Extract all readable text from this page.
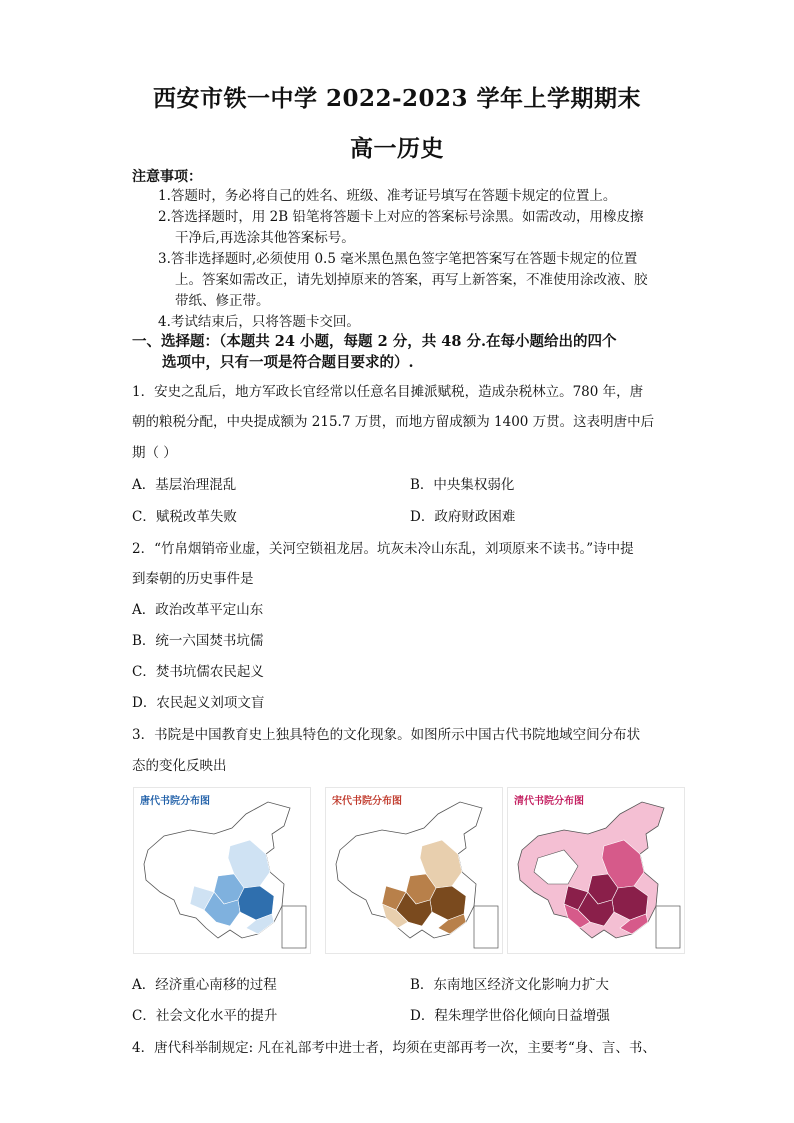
西安市铁一中学 2022-2023 学年上学期期末
高一历史
注意事项：
1.答题时，务必将自己的姓名、班级、准考证号填写在答题卡规定的位置上。
2.答选择题时，用 2B 铅笔将答题卡上对应的答案标号涂黑。如需改动，用橡皮擦
干净后,再选涂其他答案标号。
3.答非选择题时,必须使用 0.5 毫米黑色黑色签字笔把答案写在答题卡规定的位置
上。答案如需改正，请先划掉原来的答案，再写上新答案，不准使用涂改液、胶
带纸、修正带。
4.考试结束后，只将答题卡交回。
一、选择题：（本题共 24 小题，每题 2 分，共 48 分.在每小题给出的四个
选项中，只有一项是符合题目要求的）.
1．安史之乱后，地方军政长官经常以任意名目摊派赋税，造成杂税林立。780 年，唐
朝的粮税分配，中央提成额为 215.7 万贯，而地方留成额为 1400 万贯。这表明唐中后
期（ ）
A．基层治理混乱	B．中央集权弱化
C．赋税改革失败	D．政府财政困难
2．“竹帛烟销帝业虚，关河空锁祖龙居。坑灰未冷山东乱，刘项原来不读书。”诗中提
到秦朝的历史事件是
A．政治改革平定山东
B．统一六国焚书坑儒
C．焚书坑儒农民起义
D．农民起义刘项文盲
3．书院是中国教育史上独具特色的文化现象。如图所示中国古代书院地域空间分布状
态的变化反映出
唐代书院分布图	宋代书院分布图	清代书院分布图
A．经济重心南移的过程	B．东南地区经济文化影响力扩大
C．社会文化水平的提升	D．程朱理学世俗化倾向日益增强
4．唐代科举制规定: 凡在礼部考中进士者，均须在吏部再考一次，主要考“身、言、书、
